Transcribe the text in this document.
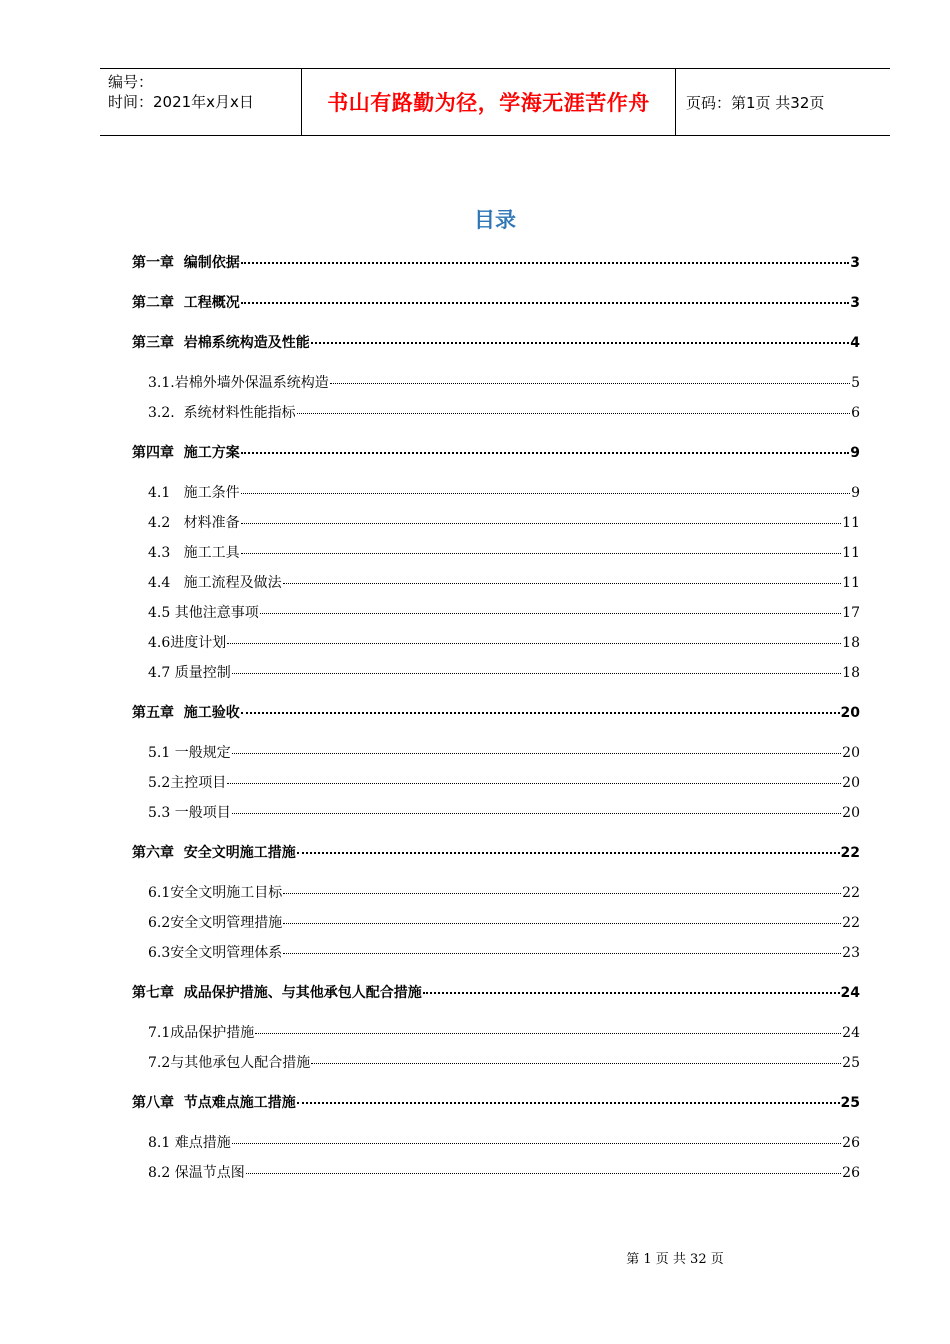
编号：
时间：2021年x月x日	书山有路勤为径，学海无涯苦作舟	页码：第1页 共32页
目录
第一章  编制依据	3
第二章  工程概况	3
第三章  岩棉系统构造及性能	4
3.1.岩棉外墙外保温系统构造	5
3.2.  系统材料性能指标	6
第四章  施工方案	9
4.1   施工条件	9
4.2   材料准备	11
4.3   施工工具	11
4.4   施工流程及做法	11
4.5 其他注意事项	17
4.6进度计划	18
4.7 质量控制	18
第五章  施工验收	20
5.1 一般规定	20
5.2主控项目	20
5.3 一般项目	20
第六章  安全文明施工措施	22
6.1安全文明施工目标	22
6.2安全文明管理措施	22
6.3安全文明管理体系	23
第七章  成品保护措施、与其他承包人配合措施	24
7.1成品保护措施	24
7.2与其他承包人配合措施	25
第八章  节点难点施工措施	25
8.1 难点措施	26
8.2 保温节点图	26
第 1 页 共 32 页
